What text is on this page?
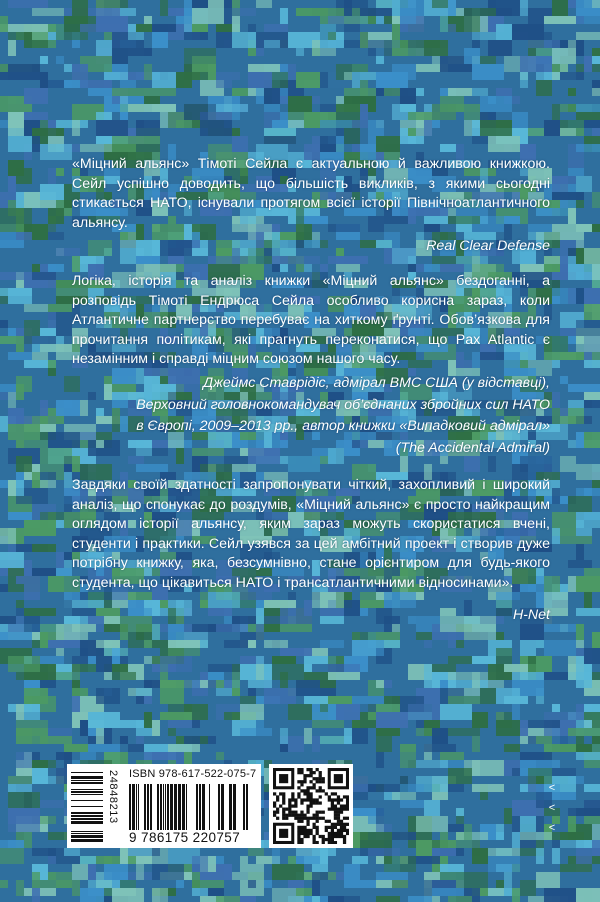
«Міцний альянс» Тімоті Сейла є актуальною й важливою книжкою. Сейл успішно доводить, що більшість викликів, з якими сьогодні стикається НАТО, існували протягом всієї історії Північноатлантичного альянсу.

Real Clear Defense

Логіка, історія та аналіз книжки «Міцний альянс» бездоганні, а розповідь Тімоті Ендрюса Сейла особливо корисна зараз, коли Атлантичне партнерство перебуває на хиткому ґрунті. Обов’язкова для прочитання політикам, які прагнуть переконатися, що Pax Atlantic є незамінним і справді міцним союзом нашого часу.

Джеймс Ставрідіс, адмірал ВМС США (у відставці),

Верховний головнокомандувач об’єднаних збройних сил НАТО

в Європі, 2009–2013 рр., автор книжки «Випадковий адмірал»

(The Accidental Admiral)

Завдяки своїй здатності запропонувати чіткий, захопливий і широкий аналіз, що спонукає до роздумів, «Міцний альянс» є просто найкращим оглядом історії альянсу, яким зараз можуть скористатися вчені, студенти і практики. Сейл узявся за цей амбітний проект і створив дуже потрібну книжку, яка, безсумнівно, стане орієнтиром для будь-якого студента, що цікавиться НАТО і трансатлантичними відносинами».

H-Net

24848213 ISBN 978-617-522-075-7
9 786175 220757
<
<
<
